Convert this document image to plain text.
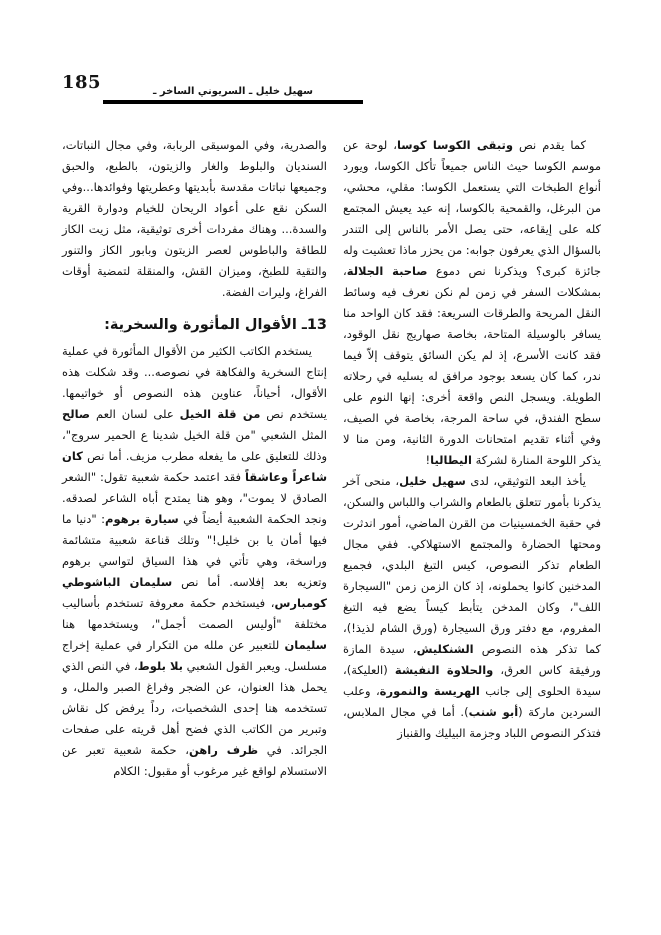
185	سهيل خليل ـ السريوني الساخر ـ

كما يقدم نص وتبقى الكوسا كوسا، لوحة عن موسم الكوسا حيث الناس جميعاً تأكل الكوسا، ويورد أنواع الطبخات التي يستعمل الكوسا: مقلي، محشي، من البرغل، والقمحية بالكوسا، إنه عيد يعيش المجتمع كله على إيقاعه، حتى يصل الأمر بالناس إلى التندر بالسؤال الذي يعرفون جوابه: من يحزر ماذا تعشيت وله جائزة كبرى؟ ويذكرنا نص دموع صاحبة الجلالة، بمشكلات السفر في زمن لم نكن نعرف فيه وسائط النقل المريحة والطرقات السريعة: فقد كان الواحد منا يسافر بالوسيلة المتاحة، بخاصة صهاريج نقل الوقود، فقد كانت الأسرع، إذ لم يكن السائق يتوقف إلاّ فيما ندر، كما كان يسعد بوجود مرافق له يسليه في رحلاته الطويلة. ويسجل النص واقعة أخرى: إنها النوم على سطح الفندق، في ساحة المرجة، بخاصة في الصيف، وفي أثناء تقديم امتحانات الدورة الثانية، ومن منا لا يذكر اللوحة المنارة لشركة اليطاليا!

يأخذ البعد التوثيقي، لدى سهيل خليل، منحى آخر يذكرنا بأمور تتعلق بالطعام والشراب واللباس والسكن، في حقبة الخمسينيات من القرن الماضي، أمور اندثرت ومحتها الحضارة والمجتمع الاستهلاكي. ففي مجال الطعام تذكر النصوص، كيس التبغ البلدي، فجميع المدخنين كانوا يحملونه، إذ كان الزمن زمن "السيجارة اللف"، وكان المدخن يتأبط كيساً يضع فيه التبغ المفروم، مع دفتر ورق السيجارة (ورق الشام لذيذ!)، كما تذكر هذه النصوص الشنكليش، سيدة المازة ورفيقة كاس العرق، والحلاوة النفيشة (العليكة)، سيدة الحلوى إلى جانب الهريسة والنمورة، وعلب السردين ماركة (أبو شنب). أما في مجال الملابس، فتذكر النصوص اللباد وجزمة البيليك والقنباز

والصدرية، وفي الموسيقى الربابة، وفي مجال النباتات، السنديان والبلوط والغار والزيتون، بالطبع، والحبق وجميعها نباتات مقدسة بأبديتها وعطريتها وفوائدها...وفي السكن نقع على أعواد الريحان للخيام ودوارة القرية والسدة... وهناك مفردات أخرى توثيقية، مثل زيت الكاز للطاقة والباطوس لعصر الزيتون وبابور الكاز والتنور والتقية للطبخ، وميزان القش، والمنقلة لتمضية أوقات الفراغ، وليرات الفضة.

13ـ الأقوال المأثورة والسخرية:

يستخدم الكاتب الكثير من الأقوال المأثورة في عملية إنتاج السخرية والفكاهة في نصوصه... وقد شكلت هذه الأقوال، أحياناً، عناوين هذه النصوص أو خواتيمها. يستخدم نص من قلة الخيل على لسان العم صالح المثل الشعبي "من قلة الخيل شدينا ع الحمير سروج"، وذلك للتعليق على ما يفعله مطرب مزيف. أما نص كان شاعراً وعاشقاً فقد اعتمد حكمة شعبية تقول: "الشعر الصادق لا يموت"، وهو هنا يمتدح أباه الشاعر لصدقه. ونجد الحكمة الشعبية أيضاً في سيارة برهوم: "دنيا ما فيها أمان يا بن خليل!" وتلك قناعة شعبية متشائمة وراسخة، وهي تأتي في هذا السياق لتواسي برهوم وتعزيه بعد إفلاسه. أما نص سليمان الباشوطي كومبارس، فيستخدم حكمة معروفة تستخدم بأساليب مختلفة "أوليس الصمت أجمل"، ويستخدمها هنا سليمان للتعبير عن ملله من التكرار في عملية إخراج مسلسل. ويعبر القول الشعبي بلا بلوط، في النص الذي يحمل هذا العنوان، عن الضجر وفراغ الصبر والملل، و تستخدمه هنا إحدى الشخصيات، رداً يرفض كل نقاش وتبرير من الكاتب الذي فضح أهل قريته على صفحات الجرائد. في ظرف راهن، حكمة شعبية تعبر عن الاستسلام لواقع غير مرغوب أو مقبول: الكلام
